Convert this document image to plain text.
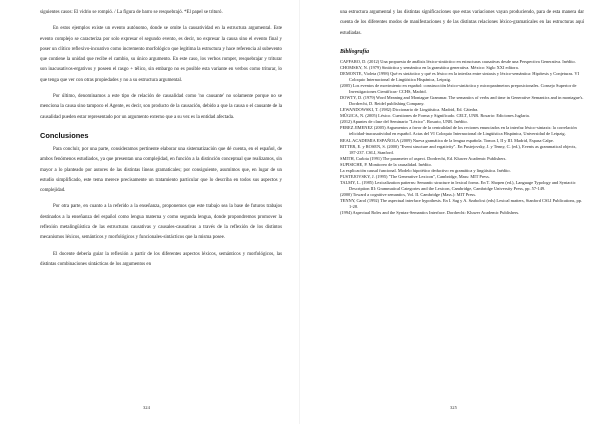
siguientes casos: El vidrio se rompió. / La figura de barro se resquebrajó. *El papel se trituró.

En estos ejemplos existe un evento autónomo, donde se omite la causatividad en la estructura argumental. Este evento complejo se caracteriza por solo expresar el segundo evento, es decir, no expresar la causa sino el evento final y poser un clítico reflexivo-incoativo como incremento morfológico que legitima la estructura y hace referencia al subevento que contiene la unidad que recibe el cambio, su único argumento. En este caso, los verbos romper, resquebrajar y triturar son inacusativos-ergativos y poseen el rasgo + télico, sin embargo no es posible esta variante en verbos como triturar, lo que tenga que ver con otras propiedades y no a su estructura argumental.

Por último, denominamos a este tipo de relación de causalidad como 'no causante' no solamente porque no se menciona la causa sino tampoco el Agente, es decir, son producto de la causación, debido a que la causa o el causante de la causalidad pueden estar representado por un argumento externo que a su vez es la entidad afectada.

Conclusiones

Para concluir, por una parte, consideramos pertinente elaborar una sistematización que dé cuenta, en el español, de ambos fenómenos estudiados, ya que presentan una complejidad, en función a la distinción conceptual que realizamos, sin mayor a lo planteado por autores de las distintas líneas gramaticales; por consiguiente, asumimos que, en lugar de un estudio simplificado, este tema merece precisamente un tratamiento particular que lo describa en todos sus aspectos y complejidad.

Por otra parte, en cuanto a la referido a la enseñanza, proponemos que este trabajo sea la base de futuros trabajos destinados a la enseñanza del español como lengua materna y como segunda lengua, donde propondremos promover la reflexión metalingüística de las estructuras causativas y causales-causativas a través de la reflexión de los distintos mecanismos léxicos, semánticos y morfológicos y funcionales-sintácticos que la misma posee.

El docente debería guiar la reflexión a partir de los diferentes aspectos léxicos, semánticos y morfológicos, las distintas combinaciones sintácticas de los argumentos en

324

una estructura argumental y las distintas significaciones que estas variaciones vayan produciendo, para de esta manera dar cuenta de los diferentes modos de manifestaciones y de las distintas relaciones léxico-gramaticales en las estructuras aquí estudiadas.

Bibliografía
CAFFARO, D. (2012) Una propuesta de análisis léxico-sintáctico en estructuras causativas desde una Perspectiva Generativa. Inédito.
CHOMSKY, N. (1979) Sintáctica y semántica en la gramática generativa. México: Siglo XXI editora.
DEMONTE, Violeta (1998) Qué es sintáctico y qué es léxico en la interfaz entre sintaxis y léxico-semántica: Hipótesis y Conjeturas. VI Coloquio Internacional de Lingüística Hispánica, Leipzig.
(2005) Los eventos de movimiento en español: construcción léxico-sintáctica y microparámetros preposicionales. Consejo Superior de Investigaciones Científicas- CCHS, Madrid.
DOWTY, D. (1979) Word Meaning and Montague Grammar. The semantics of verbs and time in Generative Semantics and in montague's. Dordrecht, D. Reidel publishing Company.
LEWANDOWSKI, T. (1982) Diccionario de Lingüística. Madrid, Ed. Cátedra.
MÚGICA, N. (2005) Léxico. Cuestiones de Forma y Significado. CELT, UNR. Rosario: Ediciones Juglaria.
(2012) Apuntes de clase del Seminario "Léxico". Rosario, UNR. Inédito.
PEREZ JIMENEZ (2005) Argumentos a favor de la centralidad de los reciones enunciados en la interfaz léxico-sintaxis: la correlación telicidad-inacusatividad en español. Actas del VI Coloquio Internacional de Lingüística Hispánica, Universidad de Leipzig.
REAL ACADEMIA ESPAÑOLA (2009) Nueva gramática de la lengua española. Tomos I, II y III. Madrid, Espasa Calpe.
RITTER, E. y ROSEN, S. (2000) "Event structure and ergativity". En Pustejovsky, J. y Tenny, C. (ed.), Events as grammatical objects, 187-237. CSLI, Stanford.
SMITH, Carlota (1991) The parameter of aspect. Dordrecht, Ed. Kluwer Academic Publishers.
SUPISICHE, P. Monitoreo de la causalidad. Inédito.
La explicación causal funcional. Modelo hipotético deductivo en gramática y lingüística. Inédito.
PUSTEJOVSKY, J. (1995) "The Generative Lexicon", Cambridge, Mass: MIT Press.
TALMY, L. (1985) Lexicalization patterns: Semantic structure in lexical forms. En T. Shopen (ed.), Language Typology and Syntactic Description III: Grammatical Categories and the Lexicon, Cambridge, Cambridge University Press, pp. 57-149.
(2000) Toward a cognitive semantics, Vol. II. Cambridge (Mass.): MIT Press.
TENNY, Carol (1992) The aspectual interface hypothesis. En I. Sag y A. Szabolcsi (eds) Lexical matters, Stanford CSLI Publications, pp. 1-28.
(1994) Aspectual Roles and the Syntax-Semantics Interface. Dordrecht: Kluwer Academic Publishers.
325
